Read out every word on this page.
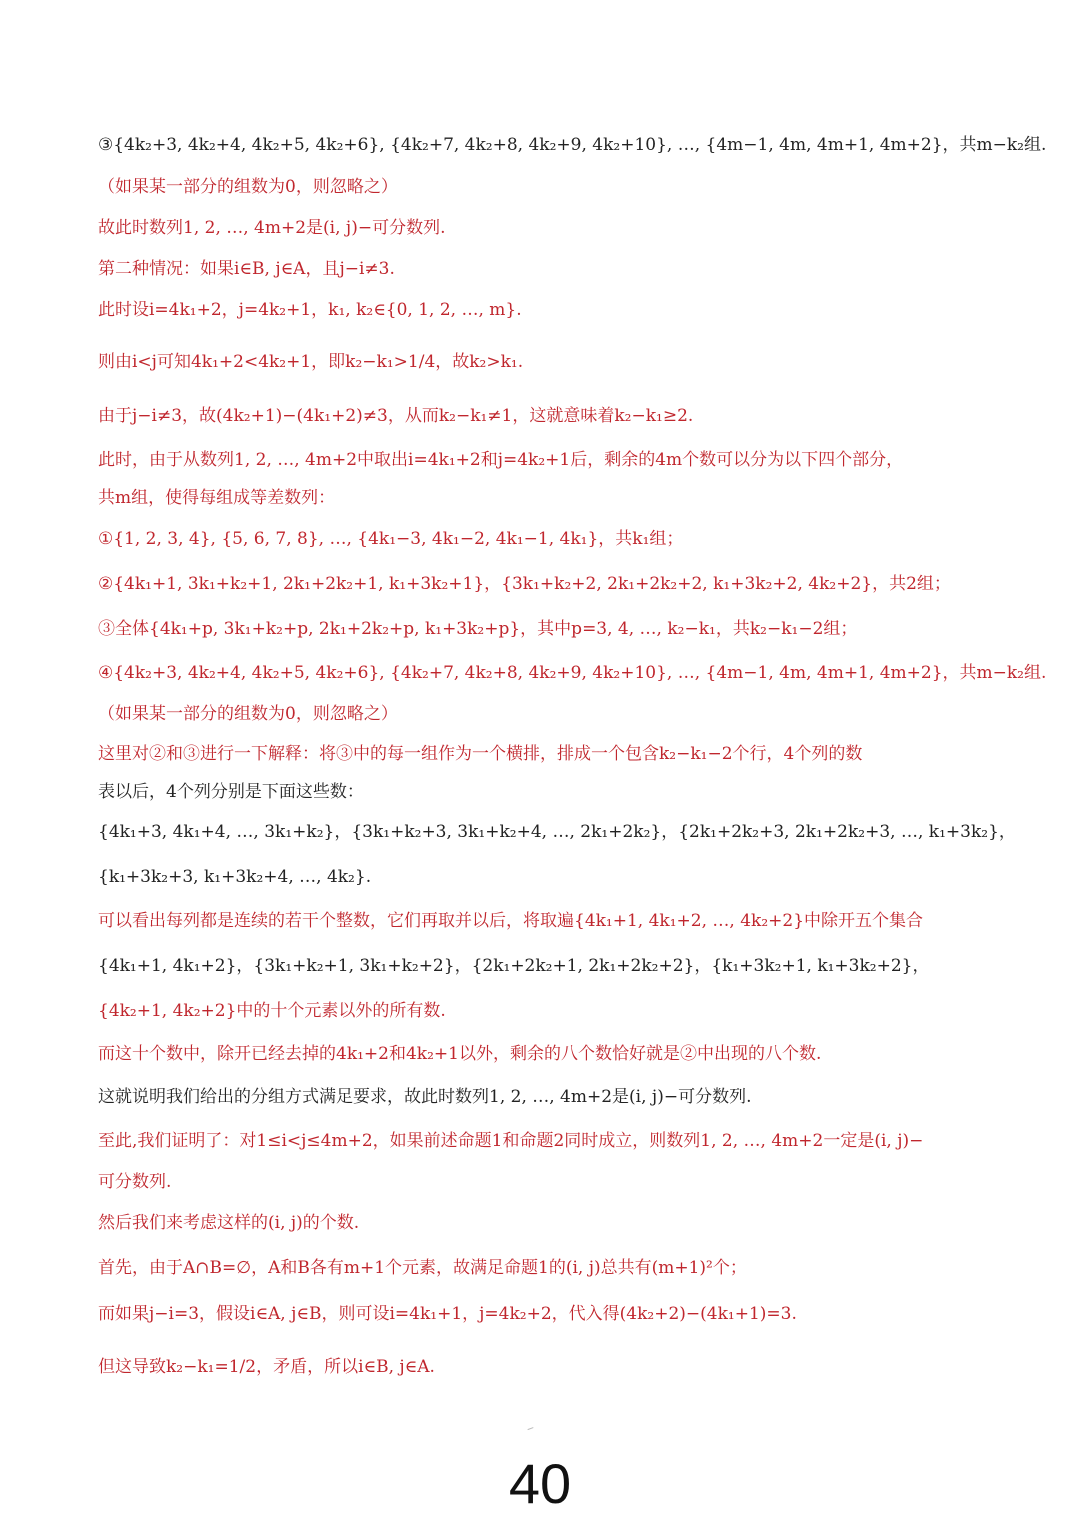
③{4k₂+3, 4k₂+4, 4k₂+5, 4k₂+6}, {4k₂+7, 4k₂+8, 4k₂+9, 4k₂+10}, …, {4m−1, 4m, 4m+1, 4m+2}，共m−k₂组.
（如果某一部分的组数为0，则忽略之）
故此时数列1, 2, …, 4m+2是(i, j)−可分数列.
第二种情况：如果i∈B, j∈A，且j−i≠3.
此时设i=4k₁+2，j=4k₂+1，k₁, k₂∈{0, 1, 2, …, m}.
则由i<j可知4k₁+2<4k₂+1，即k₂−k₁>1/4，故k₂>k₁.
由于j−i≠3，故(4k₂+1)−(4k₁+2)≠3，从而k₂−k₁≠1，这就意味着k₂−k₁≥2.
此时，由于从数列1, 2, …, 4m+2中取出i=4k₁+2和j=4k₂+1后，剩余的4m个数可以分为以下四个部分，
共m组，使得每组成等差数列：
①{1, 2, 3, 4}, {5, 6, 7, 8}, …, {4k₁−3, 4k₁−2, 4k₁−1, 4k₁}，共k₁组；
②{4k₁+1, 3k₁+k₂+1, 2k₁+2k₂+1, k₁+3k₂+1}，{3k₁+k₂+2, 2k₁+2k₂+2, k₁+3k₂+2, 4k₂+2}，共2组；
③全体{4k₁+p, 3k₁+k₂+p, 2k₁+2k₂+p, k₁+3k₂+p}，其中p=3, 4, …, k₂−k₁，共k₂−k₁−2组；
④{4k₂+3, 4k₂+4, 4k₂+5, 4k₂+6}, {4k₂+7, 4k₂+8, 4k₂+9, 4k₂+10}, …, {4m−1, 4m, 4m+1, 4m+2}，共m−k₂组.
（如果某一部分的组数为0，则忽略之）
这里对②和③进行一下解释：将③中的每一组作为一个横排，排成一个包含k₂−k₁−2个行，4个列的数
表以后，4个列分别是下面这些数：
{4k₁+3, 4k₁+4, …, 3k₁+k₂}，{3k₁+k₂+3, 3k₁+k₂+4, …, 2k₁+2k₂}，{2k₁+2k₂+3, 2k₁+2k₂+3, …, k₁+3k₂}，
{k₁+3k₂+3, k₁+3k₂+4, …, 4k₂}.
可以看出每列都是连续的若干个整数，它们再取并以后，将取遍{4k₁+1, 4k₁+2, …, 4k₂+2}中除开五个集合
{4k₁+1, 4k₁+2}，{3k₁+k₂+1, 3k₁+k₂+2}，{2k₁+2k₂+1, 2k₁+2k₂+2}，{k₁+3k₂+1, k₁+3k₂+2}，
{4k₂+1, 4k₂+2}中的十个元素以外的所有数.
而这十个数中，除开已经去掉的4k₁+2和4k₂+1以外，剩余的八个数恰好就是②中出现的八个数.
这就说明我们给出的分组方式满足要求，故此时数列1, 2, …, 4m+2是(i, j)−可分数列.
至此,我们证明了：对1≤i<j≤4m+2，如果前述命题1和命题2同时成立，则数列1, 2, …, 4m+2一定是(i, j)−
可分数列.
然后我们来考虑这样的(i, j)的个数.
首先，由于A∩B=∅，A和B各有m+1个元素，故满足命题1的(i, j)总共有(m+1)²个；
而如果j−i=3，假设i∈A, j∈B，则可设i=4k₁+1，j=4k₂+2，代入得(4k₂+2)−(4k₁+1)=3.
但这导致k₂−k₁=1/2，矛盾，所以i∈B, j∈A.
40
